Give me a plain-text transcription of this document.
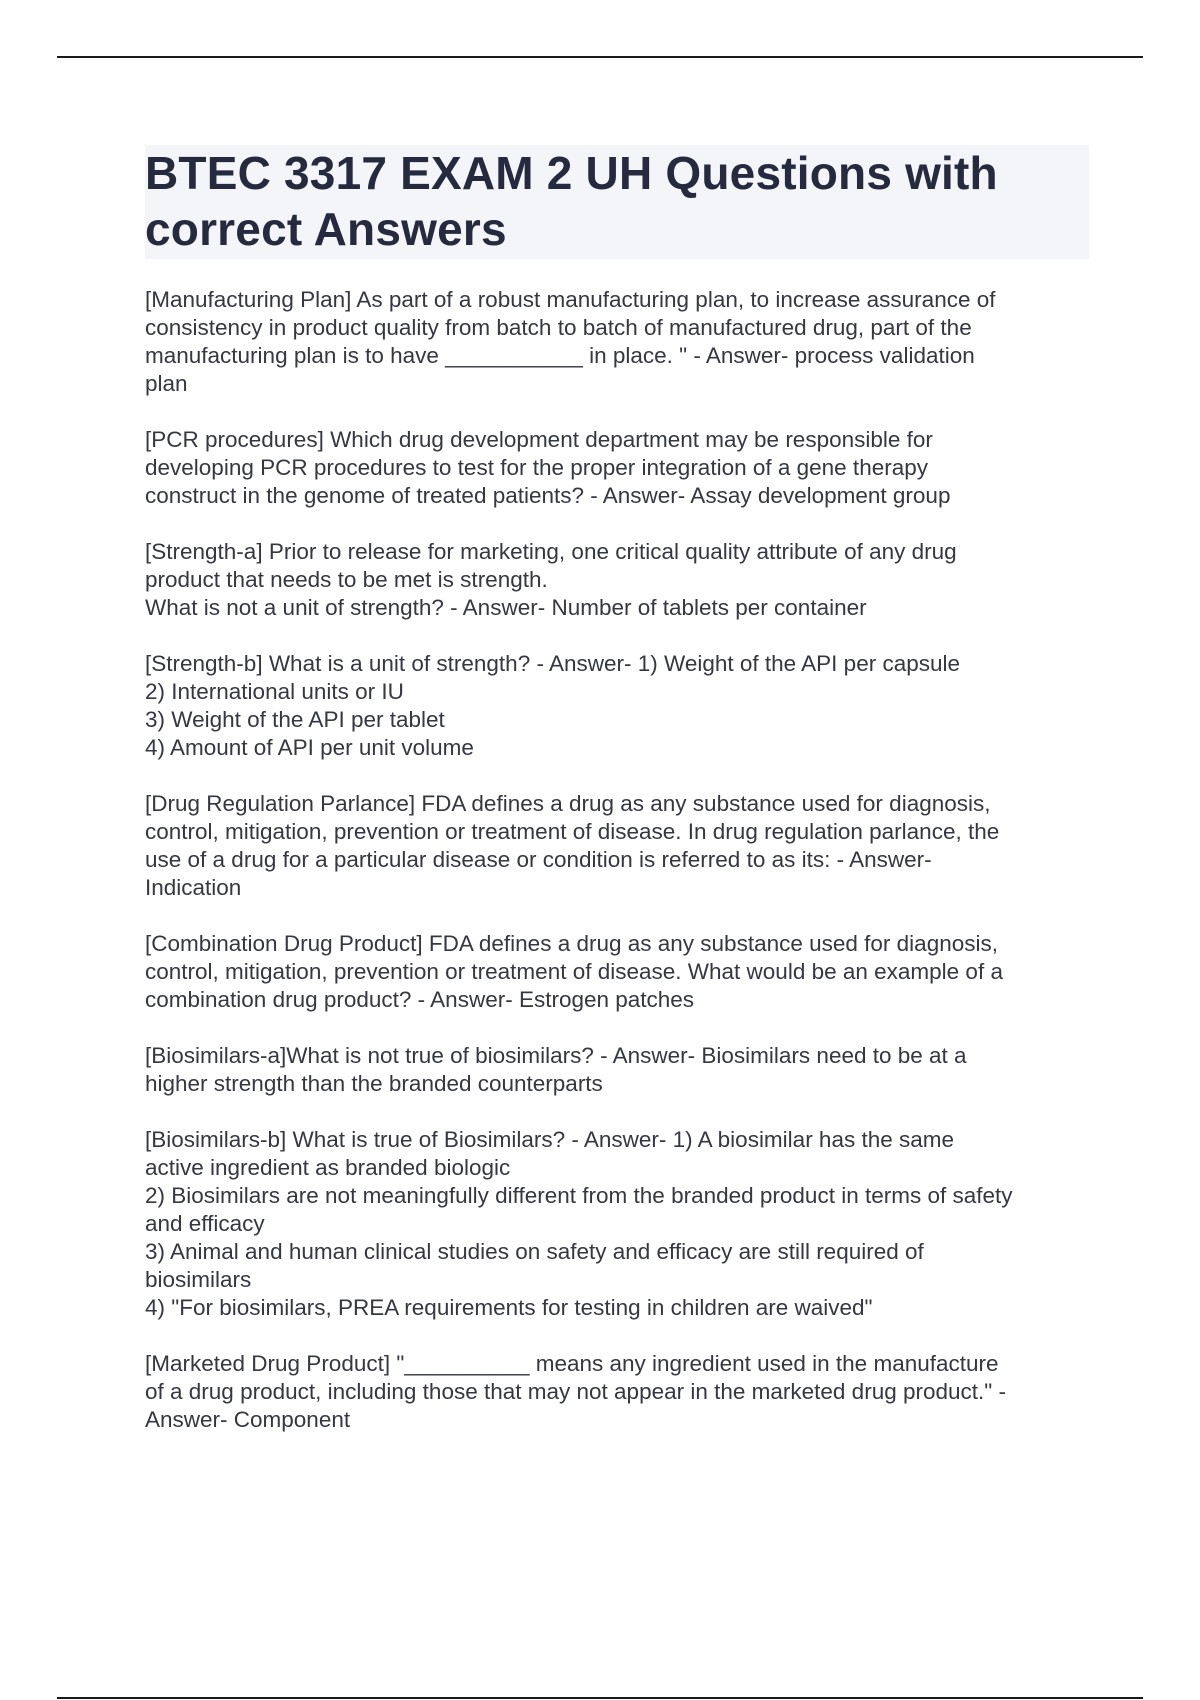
BTEC 3317 EXAM 2 UH Questions with
correct Answers
[Manufacturing Plan] As part of a robust manufacturing plan, to increase assurance of
consistency in product quality from batch to batch of manufactured drug, part of the
manufacturing plan is to have ___________ in place. " - Answer- process validation
plan
[PCR procedures] Which drug development department may be responsible for
developing PCR procedures to test for the proper integration of a gene therapy
construct in the genome of treated patients? - Answer- Assay development group
[Strength-a] Prior to release for marketing, one critical quality attribute of any drug
product that needs to be met is strength.
What is not a unit of strength? - Answer- Number of tablets per container
[Strength-b] What is a unit of strength? - Answer- 1) Weight of the API per capsule
2) International units or IU
3) Weight of the API per tablet
4) Amount of API per unit volume
[Drug Regulation Parlance] FDA defines a drug as any substance used for diagnosis,
control, mitigation, prevention or treatment of disease. In drug regulation parlance, the
use of a drug for a particular disease or condition is referred to as its: - Answer-
Indication
[Combination Drug Product] FDA defines a drug as any substance used for diagnosis,
control, mitigation, prevention or treatment of disease. What would be an example of a
combination drug product? - Answer- Estrogen patches
[Biosimilars-a]What is not true of biosimilars? - Answer- Biosimilars need to be at a
higher strength than the branded counterparts
[Biosimilars-b] What is true of Biosimilars? - Answer- 1) A biosimilar has the same
active ingredient as branded biologic
2) Biosimilars are not meaningfully different from the branded product in terms of safety
and efficacy
3) Animal and human clinical studies on safety and efficacy are still required of
biosimilars
4) "For biosimilars, PREA requirements for testing in children are waived"
[Marketed Drug Product] "__________ means any ingredient used in the manufacture
of a drug product, including those that may not appear in the marketed drug product." -
Answer- Component
